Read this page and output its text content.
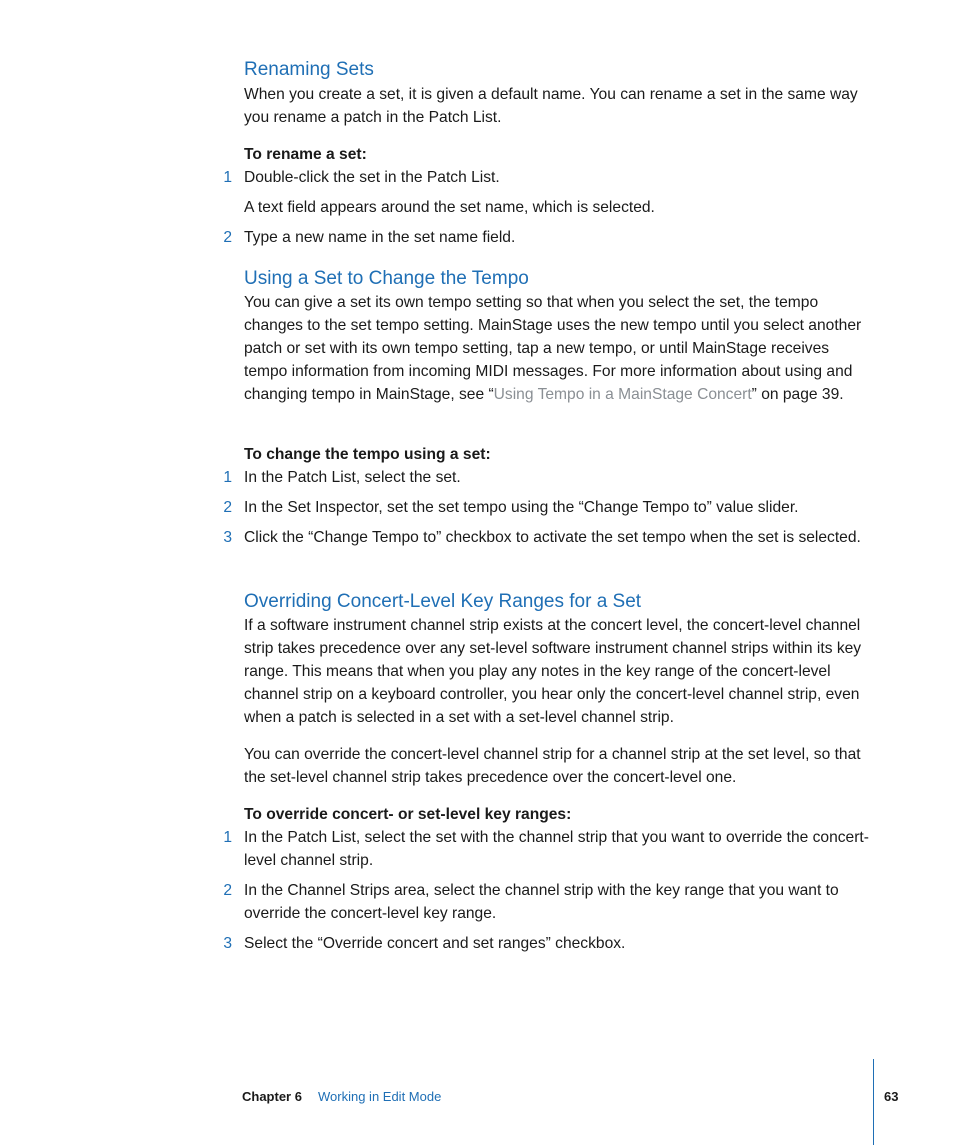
Renaming Sets

When you create a set, it is given a default name. You can rename a set in the same way you rename a patch in the Patch List.

To rename a set:

1 Double-click the set in the Patch List.

A text field appears around the set name, which is selected.

2 Type a new name in the set name field.
Using a Set to Change the Tempo

You can give a set its own tempo setting so that when you select the set, the tempo changes to the set tempo setting. MainStage uses the new tempo until you select another patch or set with its own tempo setting, tap a new tempo, or until MainStage receives tempo information from incoming MIDI messages. For more information about using and changing tempo in MainStage, see “Using Tempo in a MainStage Concert” on page 39.

To change the tempo using a set:

1 In the Patch List, select the set.
2 In the Set Inspector, set the set tempo using the “Change Tempo to” value slider.
3 Click the “Change Tempo to” checkbox to activate the set tempo when the set is selected.
Overriding Concert-Level Key Ranges for a Set

If a software instrument channel strip exists at the concert level, the concert-level channel strip takes precedence over any set-level software instrument channel strips within its key range. This means that when you play any notes in the key range of the concert-level channel strip on a keyboard controller, you hear only the concert-level channel strip, even when a patch is selected in a set with a set-level channel strip.

You can override the concert-level channel strip for a channel strip at the set level, so that the set-level channel strip takes precedence over the concert-level one.

To override concert- or set-level key ranges:

1 In the Patch List, select the set with the channel strip that you want to override the concert-level channel strip.
2 In the Channel Strips area, select the channel strip with the key range that you want to override the concert-level key range.
3 Select the “Override concert and set ranges” checkbox.
Chapter 6 Working in Edit Mode	63
